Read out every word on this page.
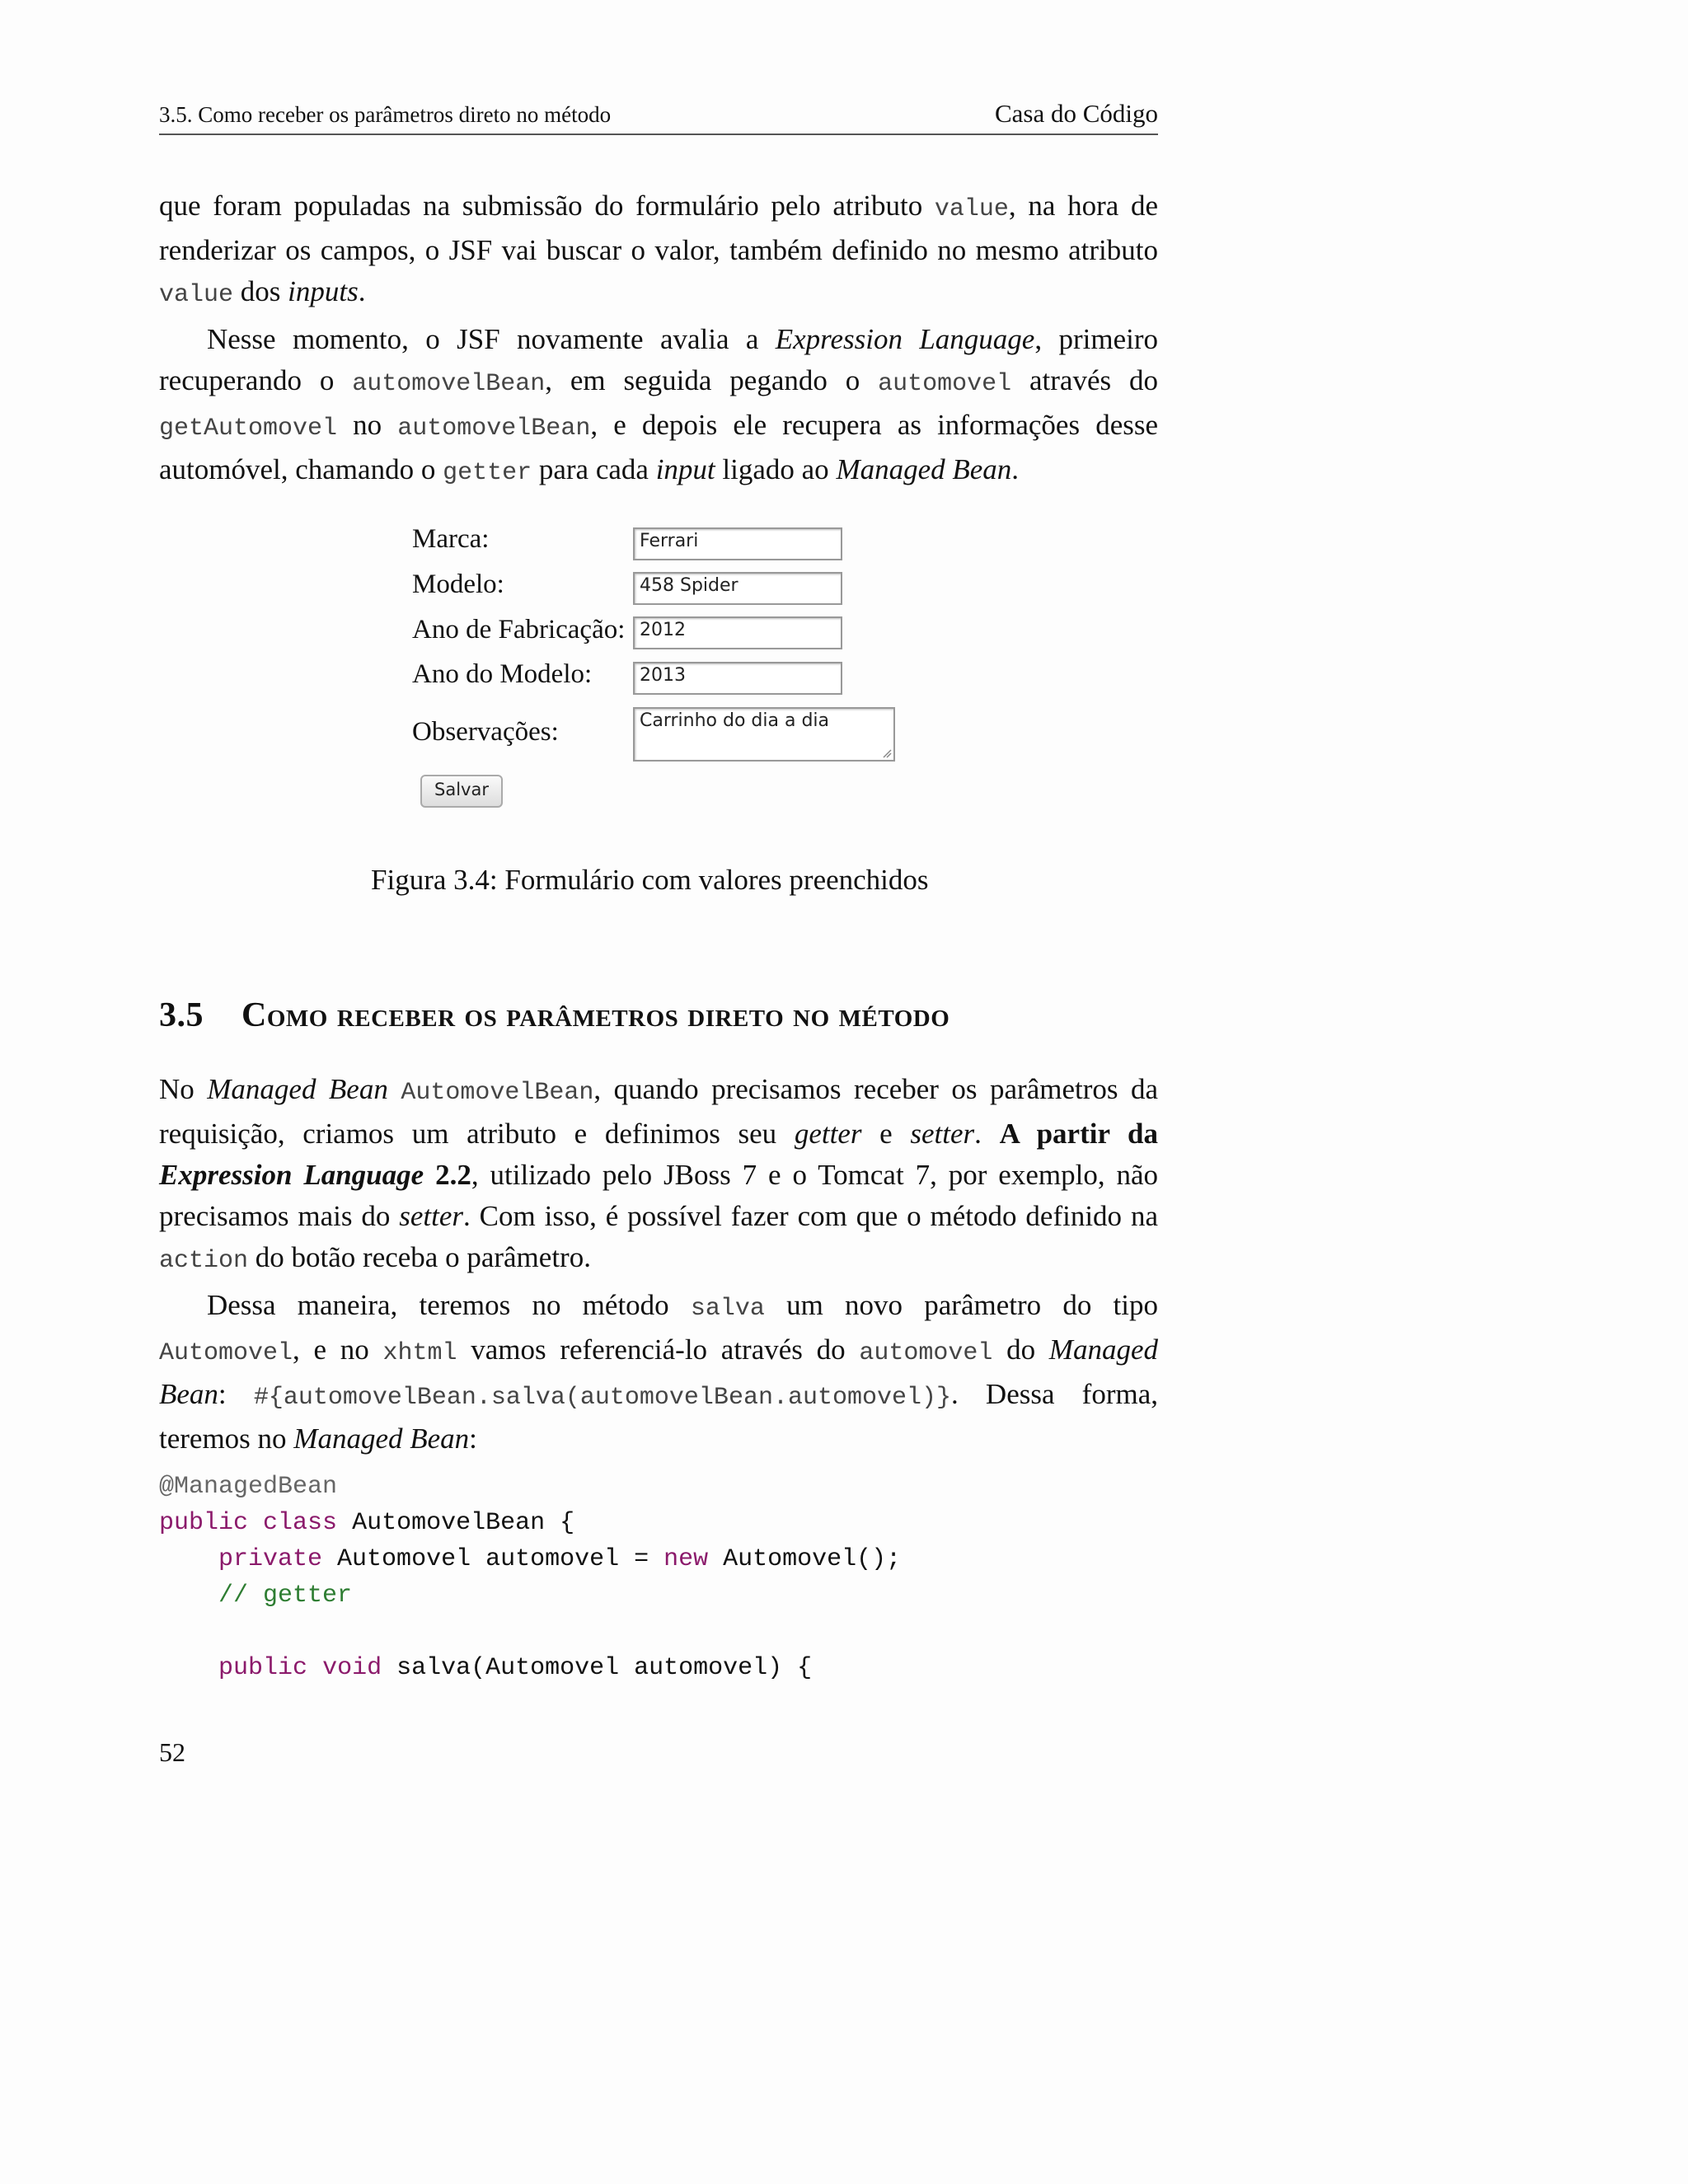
3.5. Como receber os parâmetros direto no método	Casa do Código

que foram populadas na submissão do formulário pelo atributo value, na hora de renderizar os campos, o JSF vai buscar o valor, também definido no mesmo atributo value dos inputs.

Nesse momento, o JSF novamente avalia a Expression Language, primeiro recuperando o automovelBean, em seguida pegando o automovel através do getAutomovel no automovelBean, e depois ele recupera as informações desse automóvel, chamando o getter para cada input ligado ao Managed Bean.

Marca:
Modelo:
Ano de Fabricação:
Ano do Modelo:
Observações:
Ferrari
458 Spider
2012
2013
Carrinho do dia a dia
Salvar
Figura 3.4: Formulário com valores preenchidos
3.5 Como receber os parâmetros direto no método

No Managed Bean AutomovelBean, quando precisamos receber os parâmetros da requisição, criamos um atributo e definimos seu getter e setter. A partir da Expression Language 2.2, utilizado pelo JBoss 7 e o Tomcat 7, por exemplo, não precisamos mais do setter. Com isso, é possível fazer com que o método definido na action do botão receba o parâmetro.

Dessa maneira, teremos no método salva um novo parâmetro do tipo Automovel, e no xhtml vamos referenciá-lo através do automovel do Managed Bean: #{automovelBean.salva(automovelBean.automovel)}. Dessa forma, teremos no Managed Bean:

@ManagedBean
public class AutomovelBean {
private Automovel automovel = new Automovel();
// getter

public void salva(Automovel automovel) {
52
